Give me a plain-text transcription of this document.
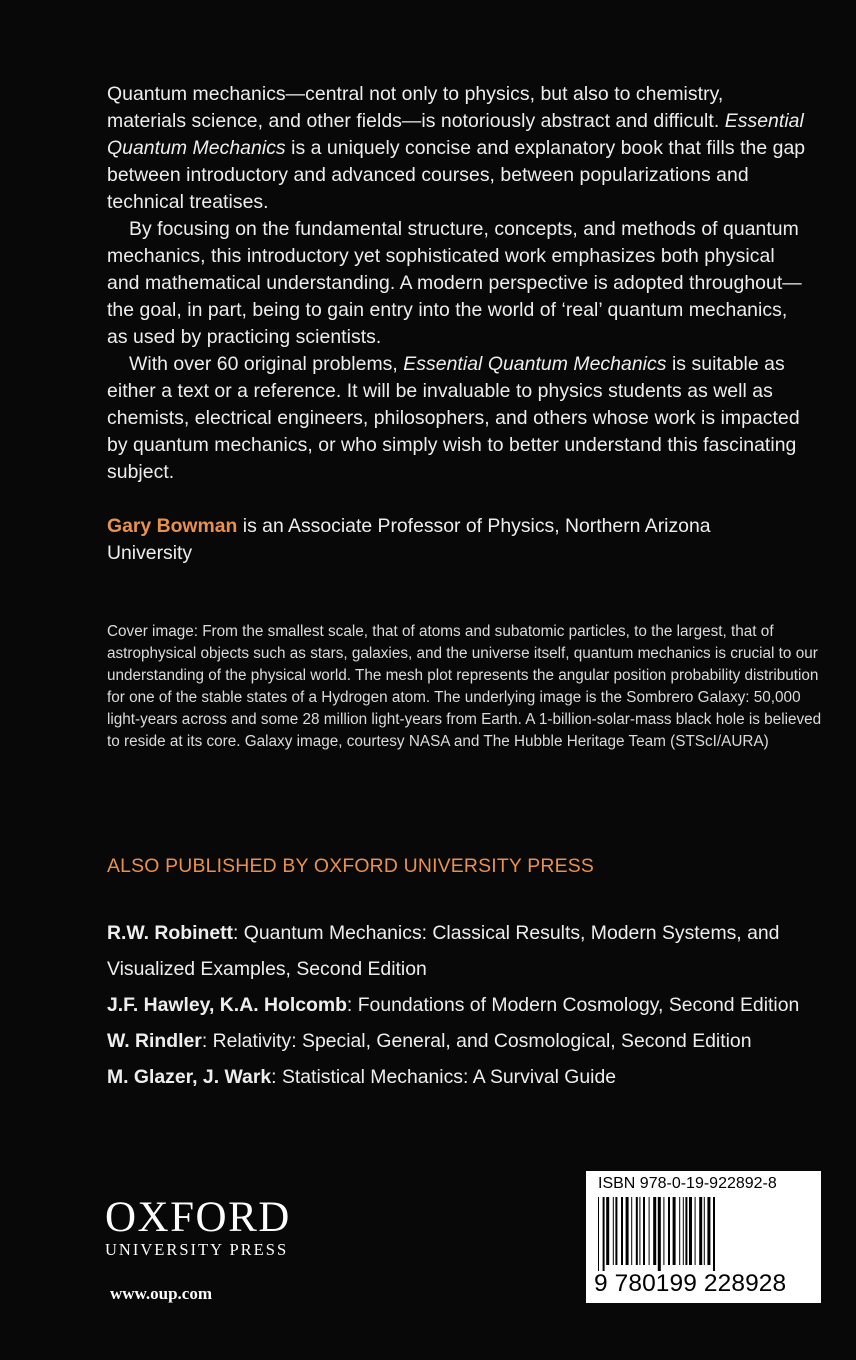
Quantum mechanics—central not only to physics, but also to chemistry, materials science, and other fields—is notoriously abstract and difficult. Essential Quantum Mechanics is a uniquely concise and explanatory book that fills the gap between introductory and advanced courses, between popularizations and technical treatises.

By focusing on the fundamental structure, concepts, and methods of quantum mechanics, this introductory yet sophisticated work emphasizes both physical and mathematical understanding. A modern perspective is adopted throughout—the goal, in part, being to gain entry into the world of ‘real’ quantum mechanics, as used by practicing scientists.

With over 60 original problems, Essential Quantum Mechanics is suitable as either a text or a reference. It will be invaluable to physics students as well as chemists, electrical engineers, philosophers, and others whose work is impacted by quantum mechanics, or who simply wish to better understand this fascinating subject.

Gary Bowman is an Associate Professor of Physics, Northern Arizona University
Cover image: From the smallest scale, that of atoms and subatomic particles, to the largest, that of astrophysical objects such as stars, galaxies, and the universe itself, quantum mechanics is crucial to our understanding of the physical world. The mesh plot represents the angular position probability distribution for one of the stable states of a Hydrogen atom. The underlying image is the Sombrero Galaxy: 50,000 light-years across and some 28 million light-years from Earth. A 1-billion-solar-mass black hole is believed to reside at its core. Galaxy image, courtesy NASA and The Hubble Heritage Team (STScI/AURA)
ALSO PUBLISHED BY OXFORD UNIVERSITY PRESS
R.W. Robinett: Quantum Mechanics: Classical Results, Modern Systems, and Visualized Examples, Second Edition
J.F. Hawley, K.A. Holcomb: Foundations of Modern Cosmology, Second Edition
W. Rindler: Relativity: Special, General, and Cosmological, Second Edition
M. Glazer, J. Wark: Statistical Mechanics: A Survival Guide
OXFORD
UNIVERSITY PRESS
www.oup.com
ISBN 978-0-19-922892-8
9 780199 228928
